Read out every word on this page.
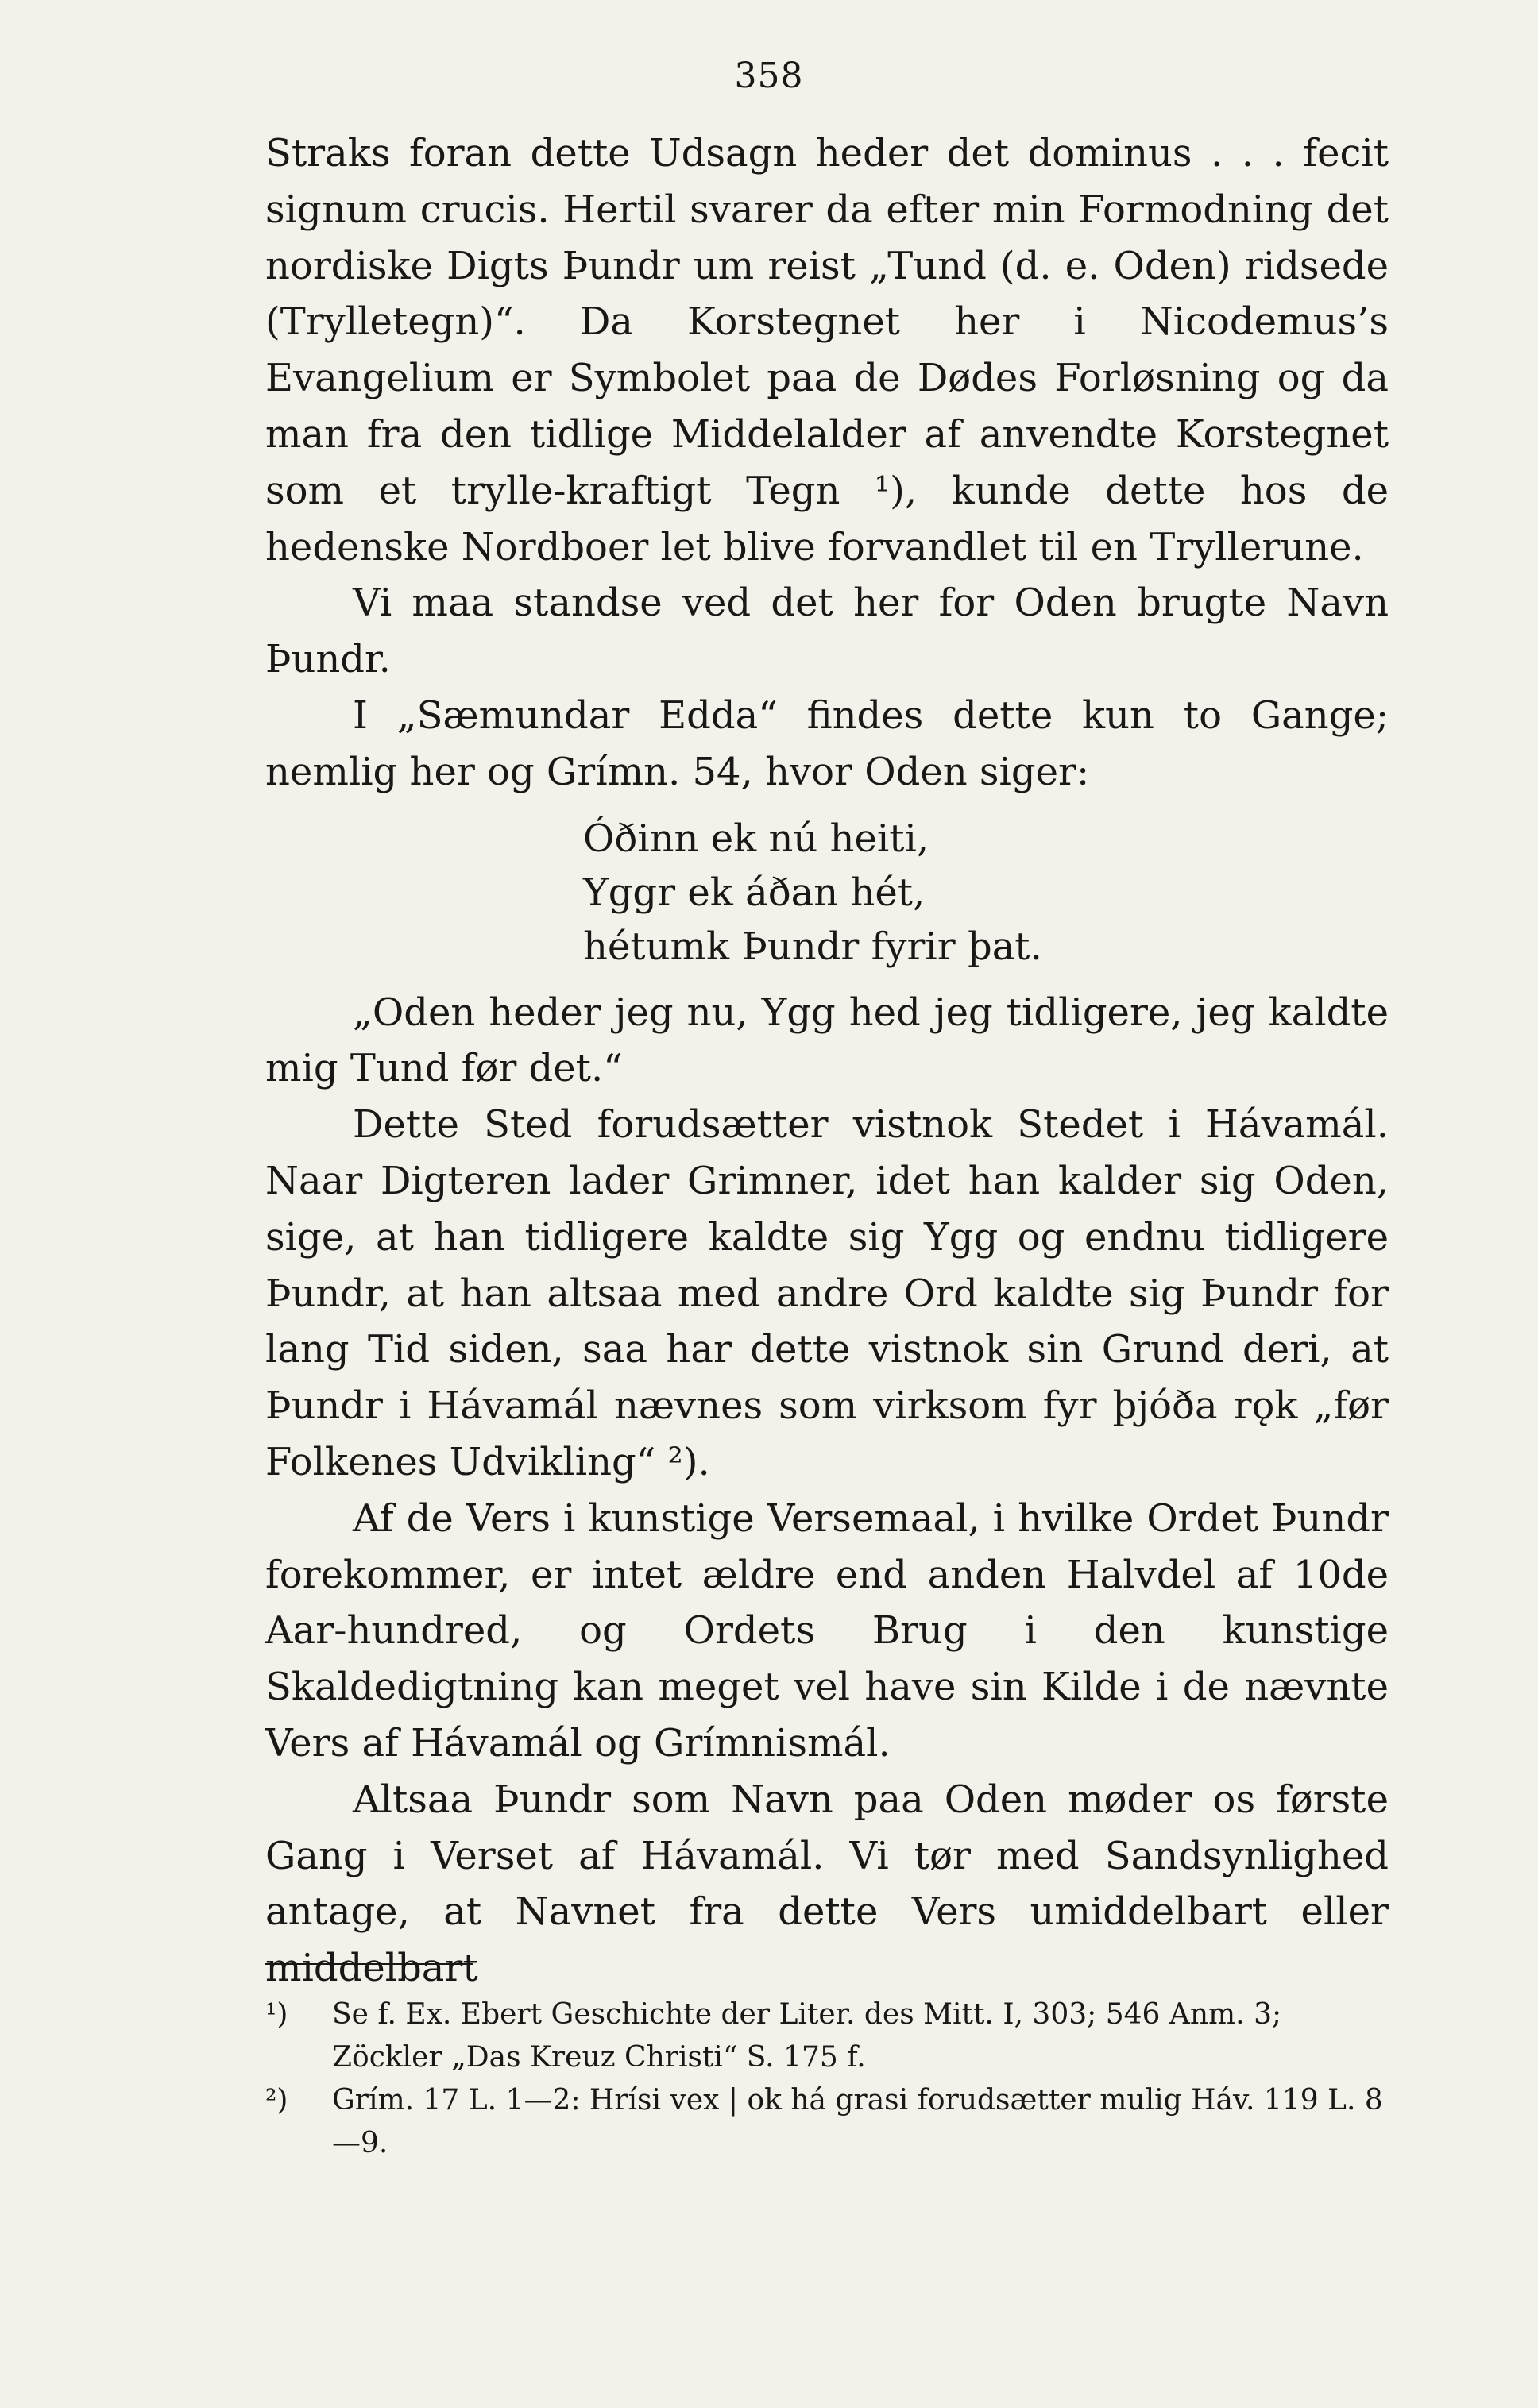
358

Straks foran dette Udsagn heder det dominus . . . fecit signum crucis. Hertil svarer da efter min Formodning det nordiske Digts Þundr um reist „Tund (d. e. Oden) ridsede (Trylletegn)“. Da Korstegnet her i Nicodemus’s Evangelium er Symbolet paa de Dødes Forløsning og da man fra den tidlige Middelalder af anvendte Korstegnet som et trylle-kraftigt Tegn ¹), kunde dette hos de hedenske Nordboer let blive forvandlet til en Tryllerune.

Vi maa standse ved det her for Oden brugte Navn Þundr.

I „Sæmundar Edda“ findes dette kun to Gange; nemlig her og Grímn. 54, hvor Oden siger:

Óðinn ek nú heiti,
Yggr ek áðan hét,
hétumk Þundr fyrir þat.

„Oden heder jeg nu, Ygg hed jeg tidligere, jeg kaldte mig Tund før det.“

Dette Sted forudsætter vistnok Stedet i Hávamál. Naar Digteren lader Grimner, idet han kalder sig Oden, sige, at han tidligere kaldte sig Ygg og endnu tidligere Þundr, at han altsaa med andre Ord kaldte sig Þundr for lang Tid siden, saa har dette vistnok sin Grund deri, at Þundr i Hávamál nævnes som virksom fyr þjóða rǫk „før Folkenes Udvikling“ ²).

Af de Vers i kunstige Versemaal, i hvilke Ordet Þundr forekommer, er intet ældre end anden Halvdel af 10de Aar-hundred, og Ordets Brug i den kunstige Skaldedigtning kan meget vel have sin Kilde i de nævnte Vers af Hávamál og Grímnismál.

Altsaa Þundr som Navn paa Oden møder os første Gang i Verset af Hávamál. Vi tør med Sandsynlighed antage, at Navnet fra dette Vers umiddelbart eller middelbart

¹)	Se f. Ex. Ebert Geschichte der Liter. des Mitt. I, 303; 546 Anm. 3; Zöckler „Das Kreuz Christi“ S. 175 f.
²)	Grím. 17 L. 1—2: Hrísi vex | ok há grasi forudsætter mulig Háv. 119 L. 8—9.
